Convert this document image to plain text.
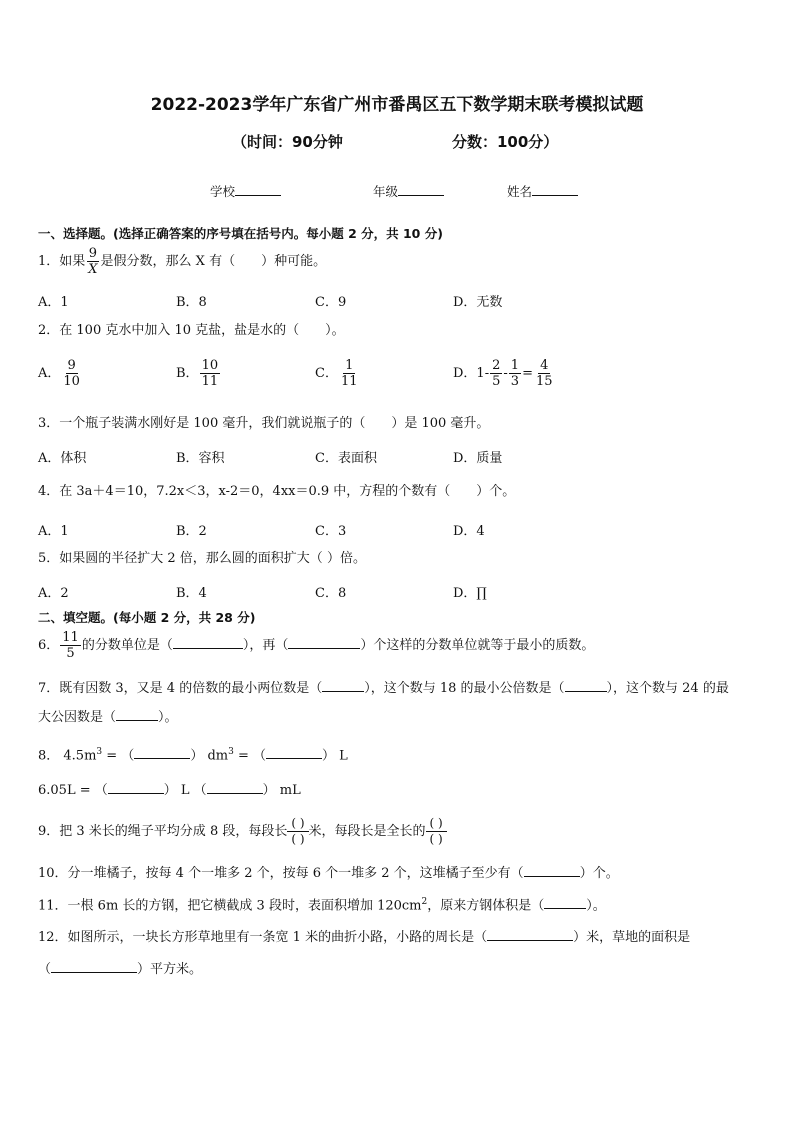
2022-2023学年广东省广州市番禺区五下数学期末联考模拟试题
（时间：90分钟	分数：100分）
学校	年级	姓名
一、选择题。(选择正确答案的序号填在括号内。每小题 2 分，共 10 分)
1．如果 $\frac{9}{X}$ 是假分数，那么 X 有（　　）种可能。
A．1	B．8	C．9	D．无数
2．在 100 克水中加入 10 克盐，盐是水的（　　）。
A． $\frac{9}{10}$	B． $\frac{10}{11}$	C． $\frac{1}{11}$	D．$1- \frac{2}{5} - \frac{1}{3} = \frac{4}{15}$
3．一个瓶子装满水刚好是 100 毫升，我们就说瓶子的（　　）是 100 毫升。
A．体积	B．容积	C．表面积	D．质量
4．在 3a＋4＝10，7.2x＜3，x-2＝0，4xx＝0.9 中，方程的个数有（　　）个。
A．1	B．2	C．3	D．4
5．如果圆的半径扩大 2 倍，那么圆的面积扩大（ ）倍。
A．2	B．4	C．8	D．∏
二、填空题。(每小题 2 分，共 28 分)
6． $\frac{11}{5}$ 的分数单位是（	），再（	）个这样的分数单位就等于最小的质数。
7．既有因数 3，又是 4 的倍数的最小两位数是（	），这个数与 18 的最小公倍数是（	），这个数与 24 的最
大公因数是（	）。
8． $4.5m^3$ = （	） $dm^3$ = （	） L
6.05L = （	） L （	） mL
9．把 3 米长的绳子平均分成 8 段，每段长
( )
( ) 米，每段长是全长的
( )
( )
10．分一堆橘子，按每 4 个一堆多 2 个，按每 6 个一堆多 2 个，这堆橘子至少有（	）个。
11．一根 6m 长的方钢，把它横截成 3 段时，表面积增加 $120cm^2$，原来方钢体积是（	）。
12．如图所示，一块长方形草地里有一条宽 1 米的曲折小路，小路的周长是（	）米，草地的面积是
（	）平方米。
